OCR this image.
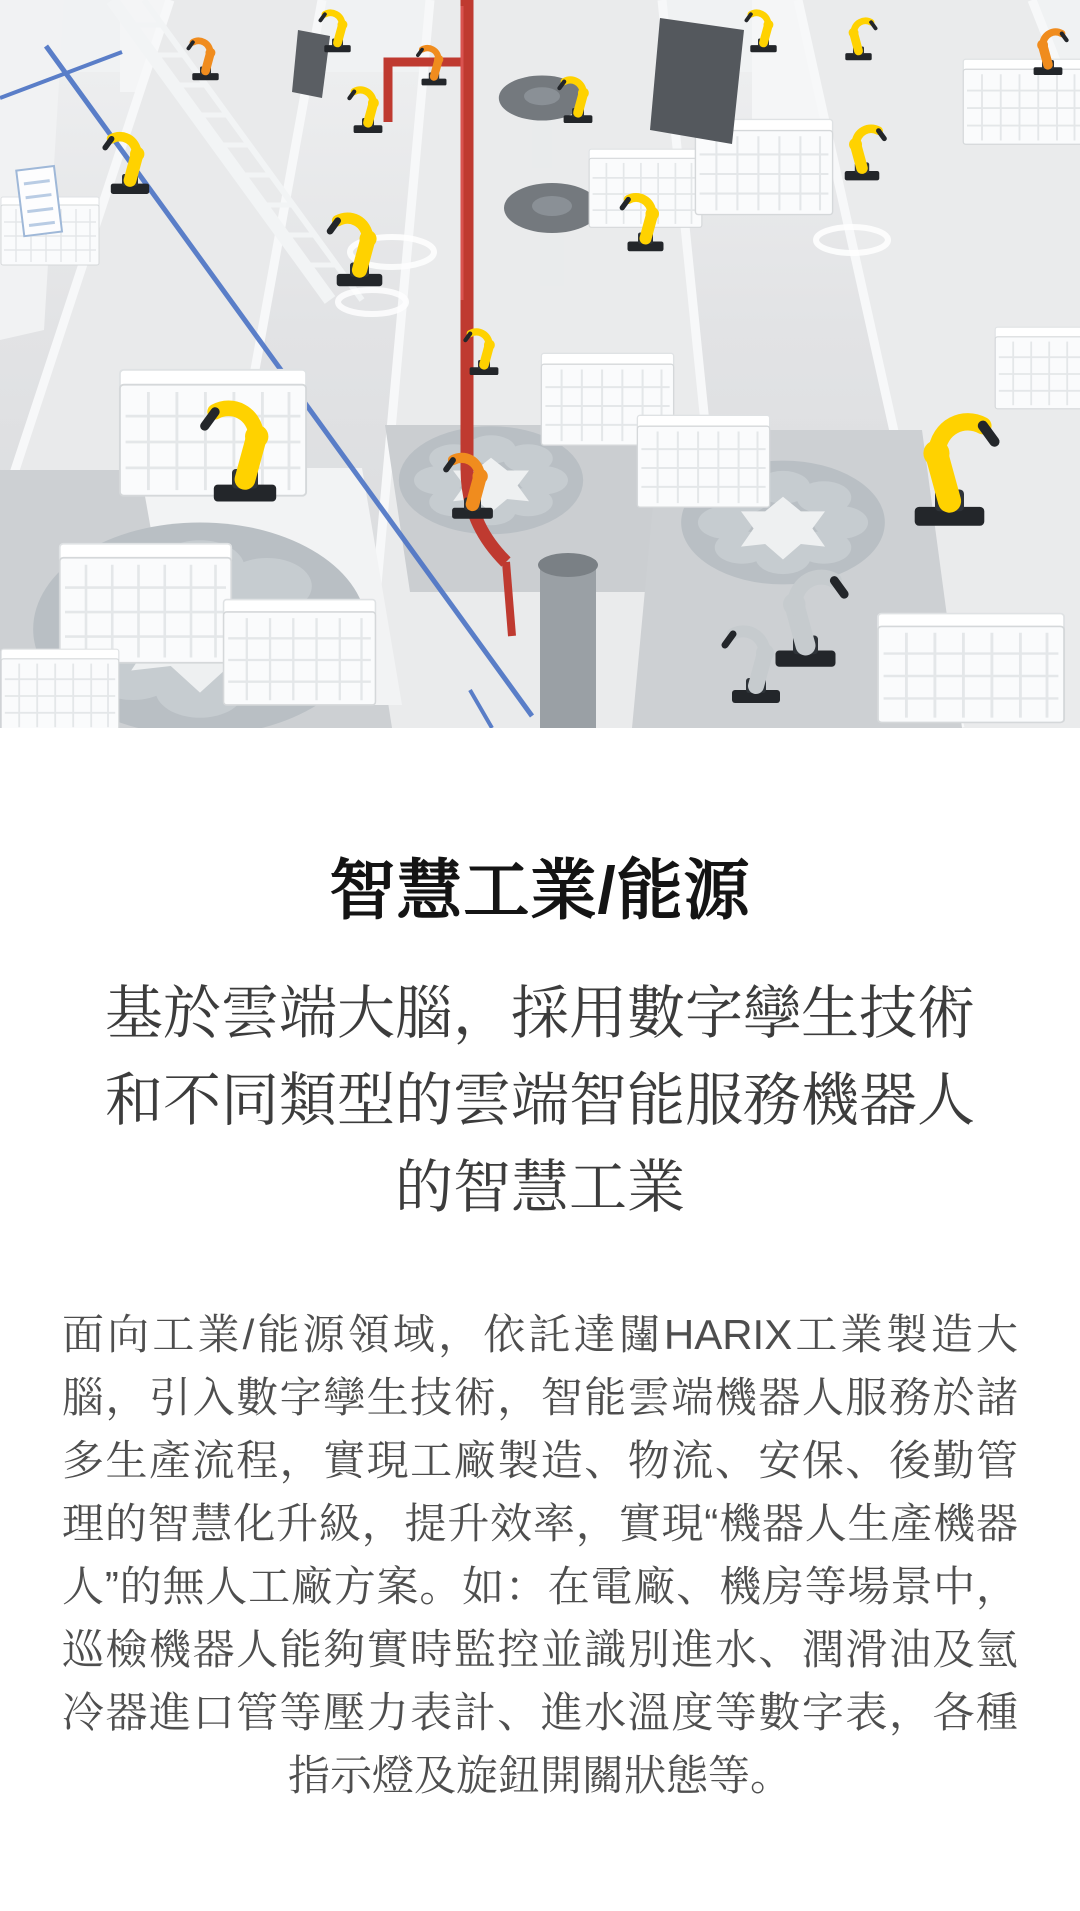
智慧工業/能源
基於雲端大腦，採用數字孿生技術
和不同類型的雲端智能服務機器人
的智慧工業

面向工業/能源領域，依託達闥HARIX工業製造大腦，引入數字孿生技術，智能雲端機器人服務於諸多生產流程，實現工廠製造、物流、安保、後勤管理的智慧化升級，提升效率，實現“機器人生產機器人”的無人工廠方案。如：在電廠、機房等場景中，巡檢機器人能夠實時監控並識別進水、潤滑油及氫冷器進口管等壓力表計、進水溫度等數字表，各種指示燈及旋鈕開關狀態等。
